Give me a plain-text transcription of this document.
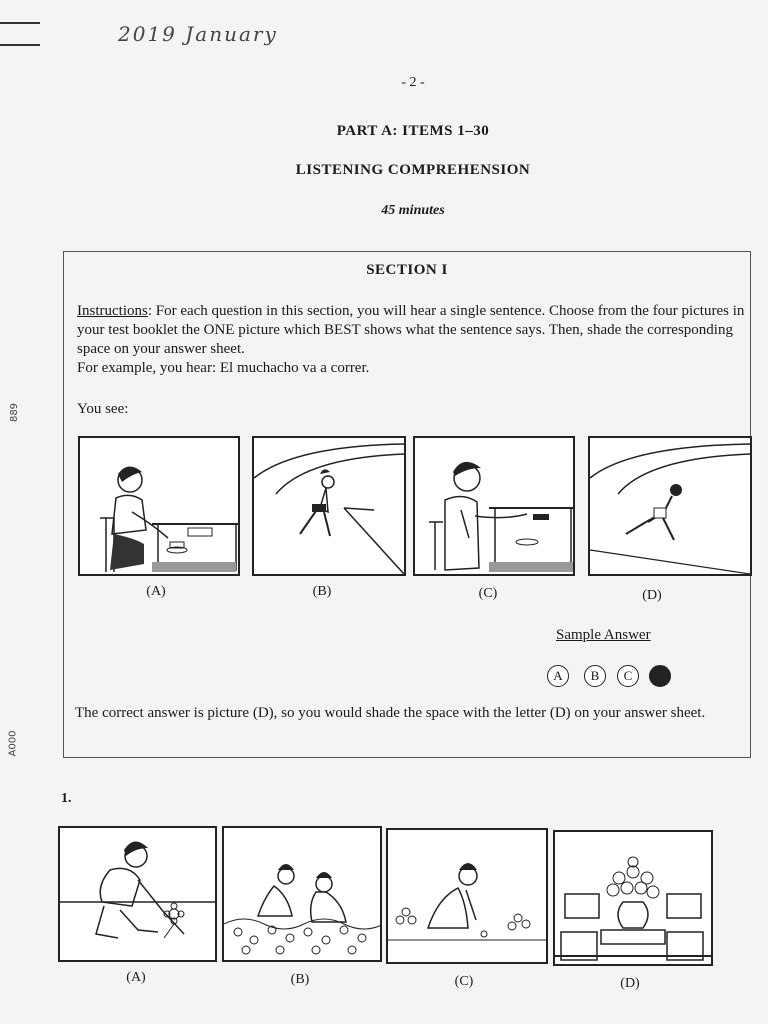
2019 January
- 2 -
PART A: ITEMS 1–30
LISTENING COMPREHENSION
45 minutes
889
A000
SECTION I
Instructions: For each question in this section, you will hear a single sentence. Choose from the four pictures in your test booklet the ONE picture which BEST shows what the sentence says. Then, shade the corresponding space on your answer sheet.
For example, you hear: El muchacho va a correr.
You see:
(A)	(B)	(C)	(D)
Sample Answer
A	B	C
The correct answer is picture (D), so you would shade the space with the letter (D) on your answer sheet.
1.
(A)	(B)	(C)	(D)
